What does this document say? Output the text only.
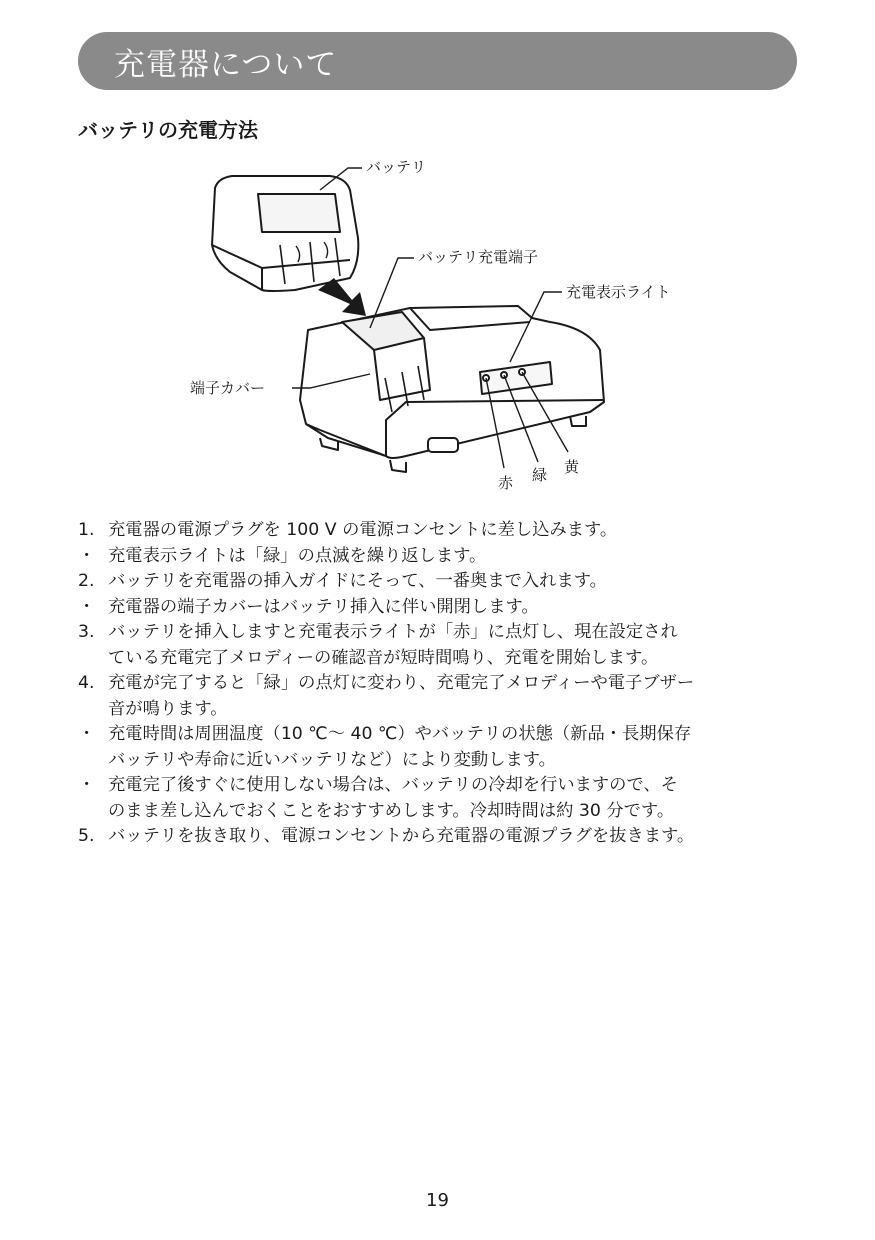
充電器について
バッテリの充電方法
バッテリ
バッテリ充電端子
充電表示ライト
端子カバー
赤 緑 黄
1. 充電器の電源プラグを 100 V の電源コンセントに差し込みます。
・ 充電表示ライトは「緑」の点滅を繰り返します。
2. バッテリを充電器の挿入ガイドにそって、一番奥まで入れます。
・ 充電器の端子カバーはバッテリ挿入に伴い開閉します。
3. バッテリを挿入しますと充電表示ライトが「赤」に点灯し、現在設定され
ている充電完了メロディーの確認音が短時間鳴り、充電を開始します。
4. 充電が完了すると「緑」の点灯に変わり、充電完了メロディーや電子ブザー
音が鳴ります。
・ 充電時間は周囲温度（10 ℃～ 40 ℃）やバッテリの状態（新品・長期保存
バッテリや寿命に近いバッテリなど）により変動します。
・ 充電完了後すぐに使用しない場合は、バッテリの冷却を行いますので、そ
のまま差し込んでおくことをおすすめします。冷却時間は約 30 分です。
5. バッテリを抜き取り、電源コンセントから充電器の電源プラグを抜きます。
19
